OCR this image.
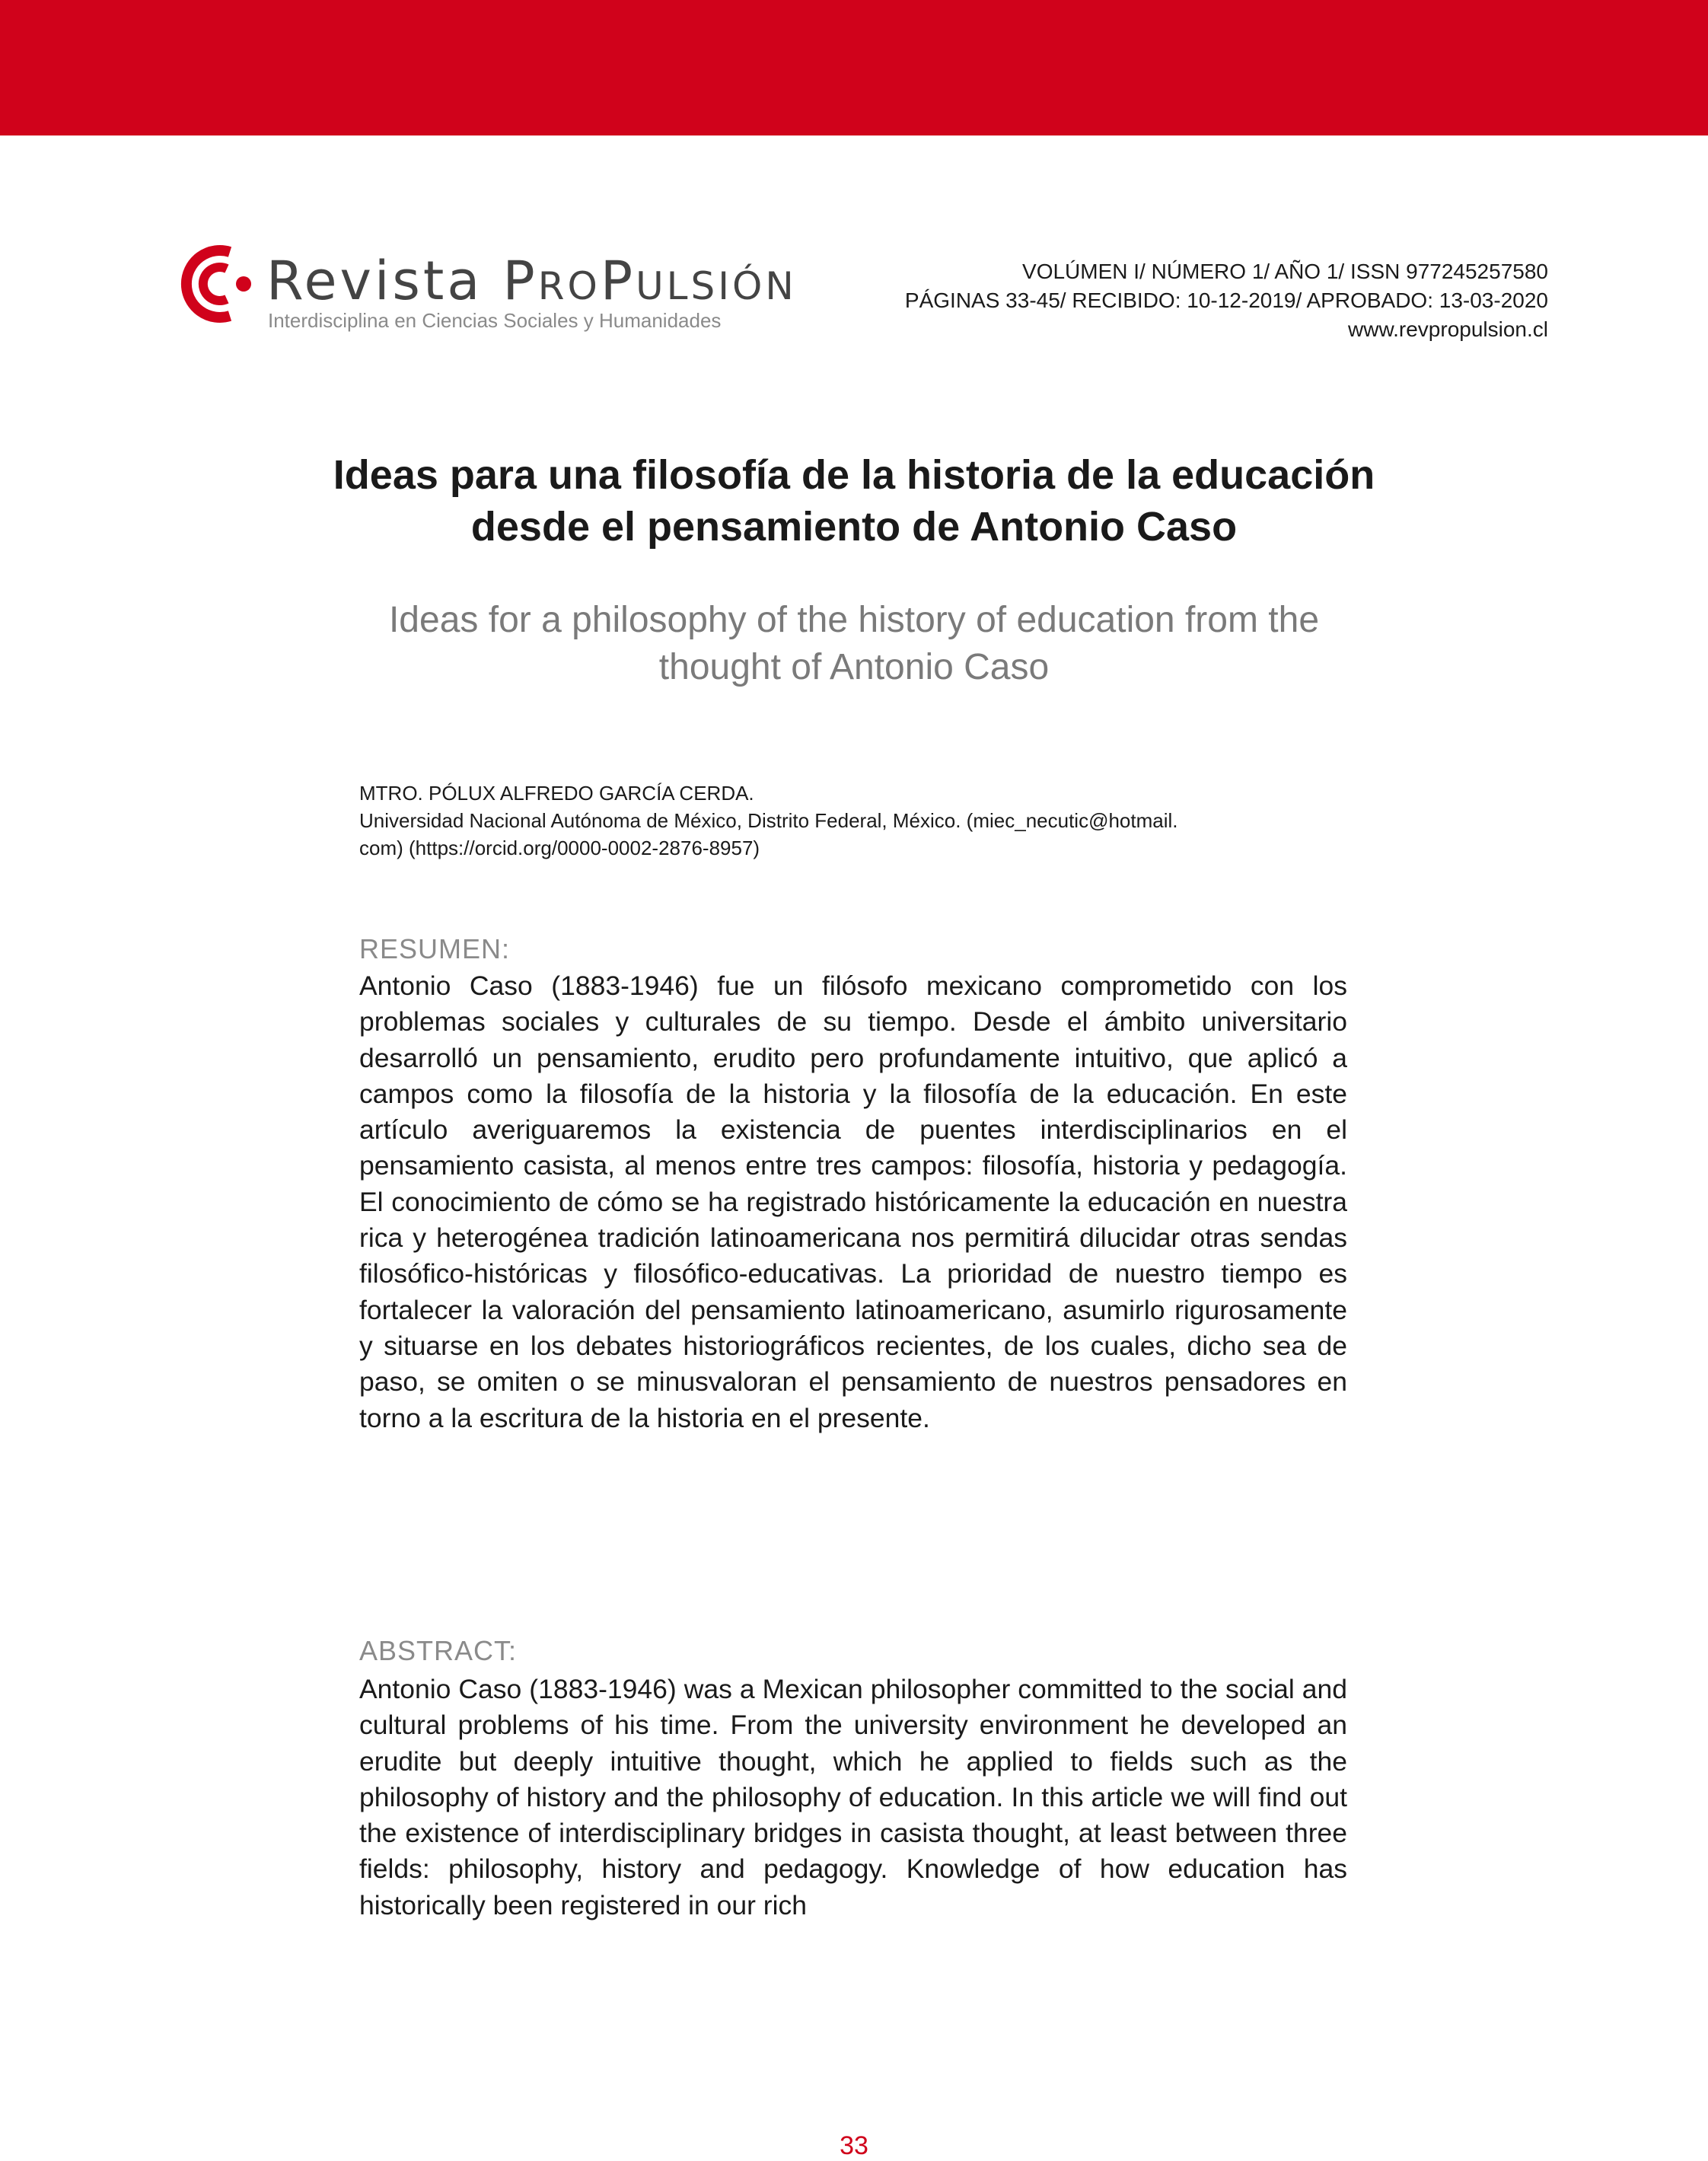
Revista PROPULSIÓN
Interdisciplina en Ciencias Sociales y Humanidades
VOLÚMEN I/ NÚMERO 1/ AÑO 1/ ISSN 977245257580
PÁGINAS 33-45/ RECIBIDO: 10-12-2019/ APROBADO: 13-03-2020
www.revpropulsion.cl
Ideas para una filosofía de la historia de la educación
desde el pensamiento de Antonio Caso
Ideas for a philosophy of the history of education from the
thought of Antonio Caso
MTRO. PÓLUX ALFREDO GARCÍA CERDA.
Universidad Nacional Autónoma de México, Distrito Federal, México. (miec_necutic@hotmail.
com) (https://orcid.org/0000-0002-2876-8957)
RESUMEN:
Antonio Caso (1883-1946) fue un filósofo mexicano comprometido con los problemas sociales y culturales de su tiempo. Desde el ámbito universitario desarrolló un pensamiento, erudito pero profundamente intuitivo, que aplicó a campos como la filosofía de la historia y la filosofía de la educación. En este artículo averiguaremos la existencia de puentes interdisciplinarios en el pensamiento casista, al menos entre tres campos: filosofía, historia y pedagogía. El conocimiento de cómo se ha registrado históricamente la educación en nuestra rica y heterogénea tradición latinoamericana nos permitirá dilucidar otras sendas filosófico-históricas y filosófico-educativas. La prioridad de nuestro tiempo es fortalecer la valoración del pensamiento latinoamericano, asumirlo rigurosamente y situarse en los debates historiográficos recientes, de los cuales, dicho sea de paso, se omiten o se minusvaloran el pensamiento de nuestros pensadores en torno a la escritura de la historia en el presente.
ABSTRACT:
Antonio Caso (1883-1946) was a Mexican philosopher committed to the social and cultural problems of his time. From the university environment he developed an erudite but deeply intuitive thought, which he applied to fields such as the philosophy of history and the philosophy of education. In this article we will find out the existence of interdisciplinary bridges in casista thought, at least between three fields: philosophy, history and pedagogy. Knowledge of how education has historically been registered in our rich
33
